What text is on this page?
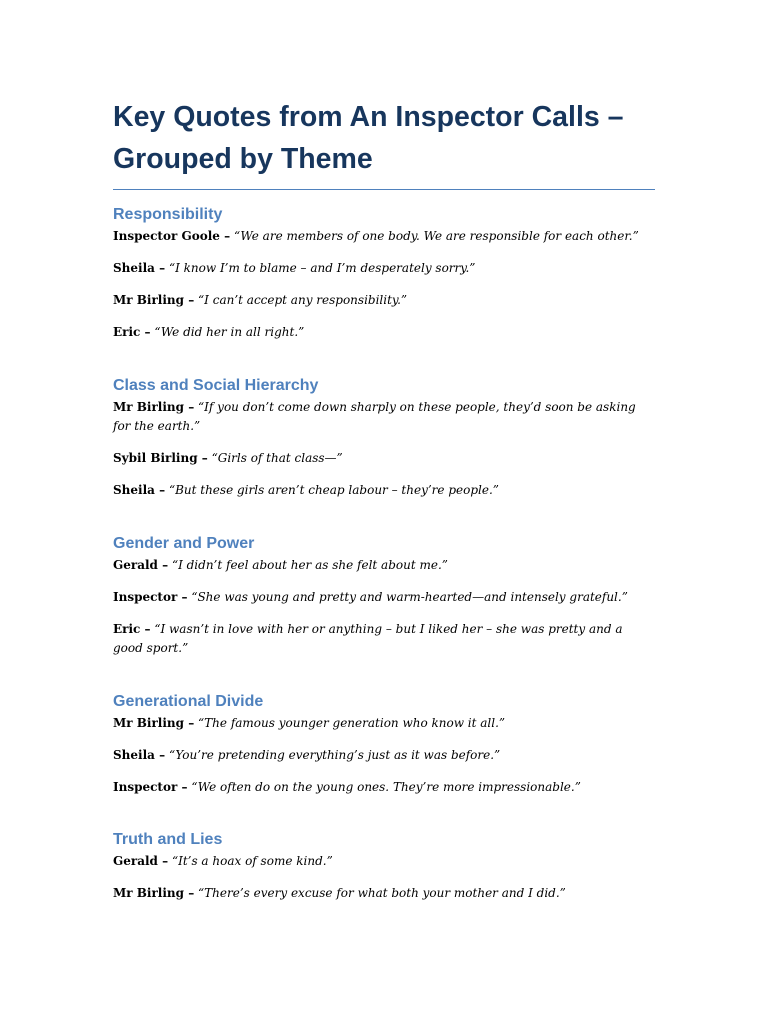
Key Quotes from An Inspector Calls – Grouped by Theme
Responsibility

Inspector Goole – “We are members of one body. We are responsible for each other.”

Sheila – “I know I’m to blame – and I’m desperately sorry.”

Mr Birling – “I can’t accept any responsibility.”

Eric – “We did her in all right.”

Class and Social Hierarchy

Mr Birling – “If you don’t come down sharply on these people, they’d soon be asking for the earth.”

Sybil Birling – “Girls of that class—”

Sheila – “But these girls aren’t cheap labour – they’re people.”

Gender and Power

Gerald – “I didn’t feel about her as she felt about me.”

Inspector – “She was young and pretty and warm-hearted—and intensely grateful.”

Eric – “I wasn’t in love with her or anything – but I liked her – she was pretty and a good sport.”

Generational Divide

Mr Birling – “The famous younger generation who know it all.”

Sheila – “You’re pretending everything’s just as it was before.”

Inspector – “We often do on the young ones. They’re more impressionable.”

Truth and Lies

Gerald – “It’s a hoax of some kind.”

Mr Birling – “There’s every excuse for what both your mother and I did.”
